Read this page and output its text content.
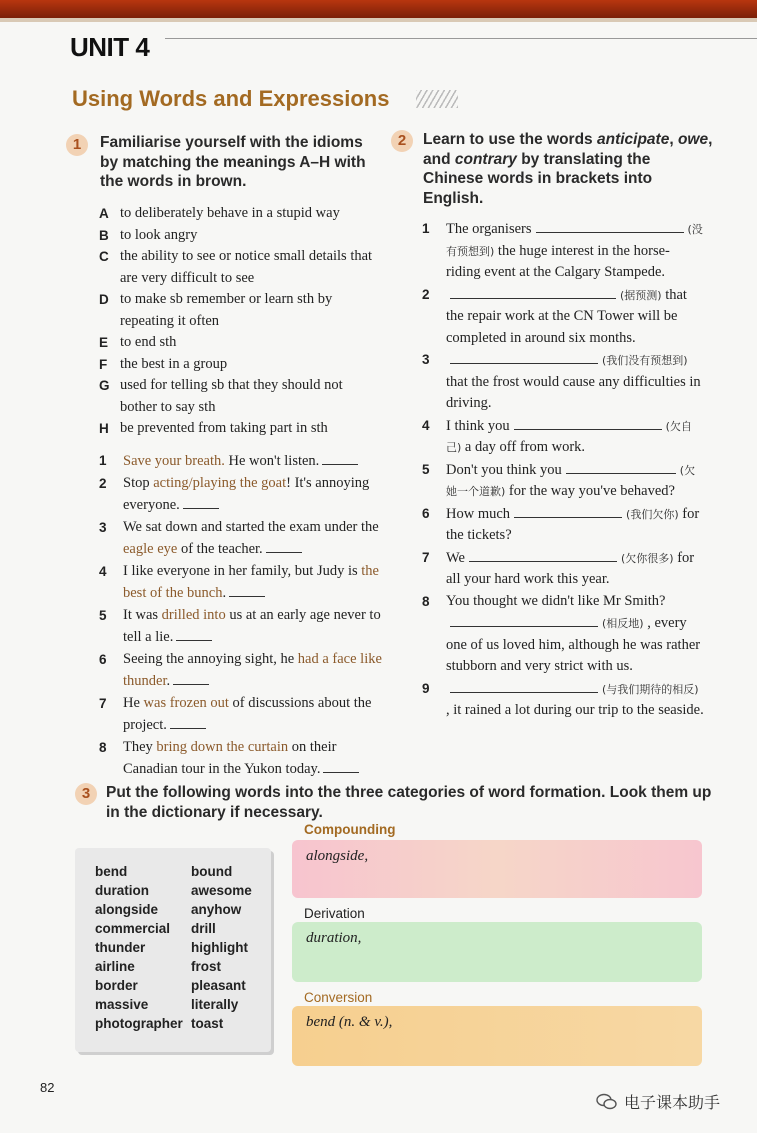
UNIT 4
Using Words and Expressions
1	Familiarise yourself with the idioms by matching the meanings A–H with the words in brown.
A to deliberately behave in a stupid way
B to look angry
C the ability to see or notice small details that are very difficult to see
D to make sb remember or learn sth by repeating it often
E to end sth
F the best in a group
G used for telling sb that they should not bother to say sth
H be prevented from taking part in sth
1	Save your breath. He won't listen.
2	Stop acting/playing the goat! It's annoying everyone.
3	We sat down and started the exam under the eagle eye of the teacher.
4	I like everyone in her family, but Judy is the best of the bunch.
5	It was drilled into us at an early age never to tell a lie.
6	Seeing the annoying sight, he had a face like thunder.
7	He was frozen out of discussions about the project.
8	They bring down the curtain on their Canadian tour in the Yukon today.
2	Learn to use the words anticipate, owe, and contrary by translating the Chinese words in brackets into English.
1	The organisers	(没有预想到) the huge interest in the horse-riding event at the Calgary Stampede.
2	(据预测) that the repair work at the CN Tower will be completed in around six months.
3	(我们没有预想到) that the frost would cause any difficulties in driving.
4	I think you	(欠自己) a day off from work.
5	Don't you think you	(欠她一个道歉) for the way you've behaved?
6	How much	(我们欠你) for the tickets?
7	We	(欠你很多) for all your hard work this year.
8	You thought we didn't like Mr Smith?(相反地) , every one of us loved him, although he was rather stubborn and very strict with us.
9	(与我们期待的相反) , it rained a lot during our trip to the seaside.
3	Put the following words into the three categories of word formation. Look them up in the dictionary if necessary.
bend
duration
alongside
commercial
thunder
airline
border
massive
photographer
bound
awesome
anyhow
drill
highlight
frost
pleasant
literally
toast
Compounding
alongside,
Derivation
duration,
Conversion
bend (n. & v.),
82
电子课本助手
